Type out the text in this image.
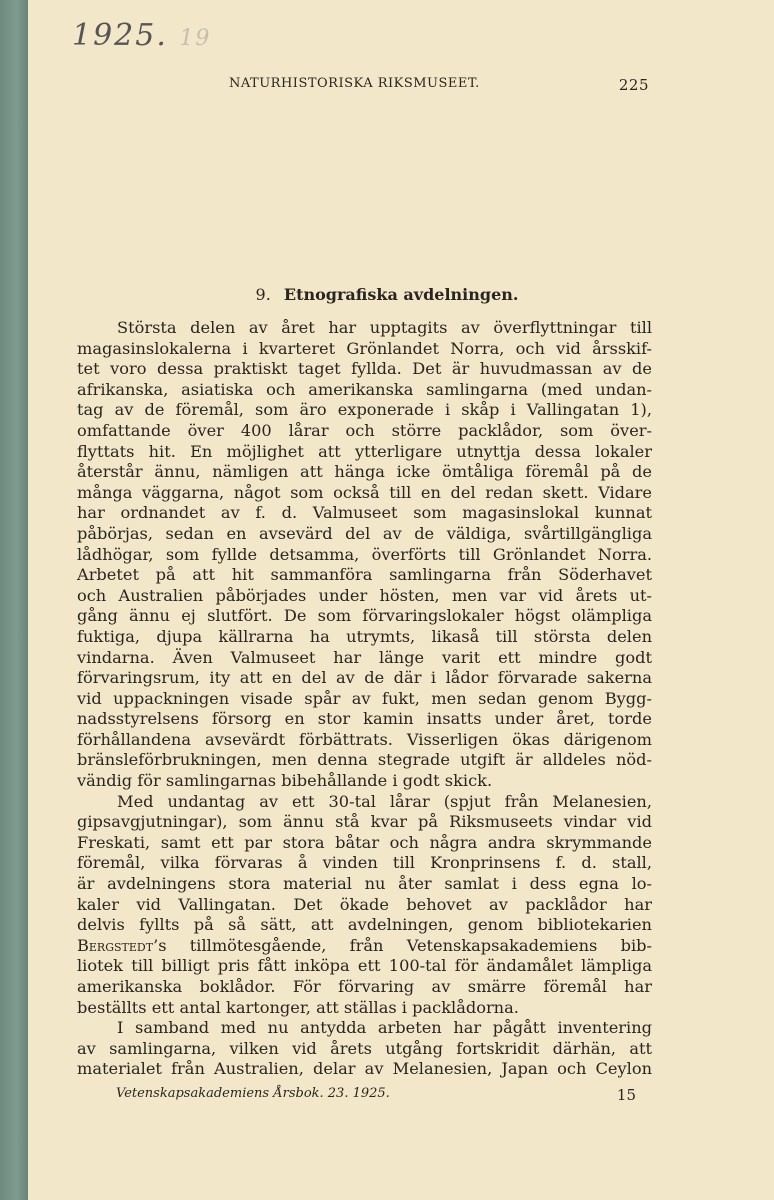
1925. 19
NATURHISTORISKA RIKSMUSEET.	225
9. Etnografiska avdelningen.
Största delen av året har upptagits av överflyttningar till
magasinslokalerna i kvarteret Grönlandet Norra, och vid årsskif-
tet voro dessa praktiskt taget fyllda. Det är huvudmassan av de
afrikanska, asiatiska och amerikanska samlingarna (med undan-
tag av de föremål, som äro exponerade i skåp i Vallingatan 1),
omfattande över 400 lårar och större packlådor, som över-
flyttats hit. En möjlighet att ytterligare utnyttja dessa lokaler
återstår ännu, nämligen att hänga icke ömtåliga föremål på de
många väggarna, något som också till en del redan skett. Vidare
har ordnandet av f. d. Valmuseet som magasinslokal kunnat
påbörjas, sedan en avsevärd del av de väldiga, svårtillgängliga
lådhögar, som fyllde detsamma, överförts till Grönlandet Norra.
Arbetet på att hit sammanföra samlingarna från Söderhavet
och Australien påbörjades under hösten, men var vid årets ut-
gång ännu ej slutfört. De som förvaringslokaler högst olämpliga
fuktiga, djupa källrarna ha utrymts, likaså till största delen
vindarna. Även Valmuseet har länge varit ett mindre godt
förvaringsrum, ity att en del av de där i lådor förvarade sakerna
vid uppackningen visade spår av fukt, men sedan genom Bygg-
nadsstyrelsens försorg en stor kamin insatts under året, torde
förhållandena avsevärdt förbättrats. Visserligen ökas därigenom
bränsleförbrukningen, men denna stegrade utgift är alldeles nöd-
vändig för samlingarnas bibehållande i godt skick.
Med undantag av ett 30-tal lårar (spjut från Melanesien,
gipsavgjutningar), som ännu stå kvar på Riksmuseets vindar vid
Freskati, samt ett par stora båtar och några andra skrymmande
föremål, vilka förvaras å vinden till Kronprinsens f. d. stall,
är avdelningens stora material nu åter samlat i dess egna lo-
kaler vid Vallingatan. Det ökade behovet av packlådor har
delvis fyllts på så sätt, att avdelningen, genom bibliotekarien
Bergstedt’s tillmötesgående, från Vetenskapsakademiens bib-
liotek till billigt pris fått inköpa ett 100-tal för ändamålet lämpliga
amerikanska boklådor. För förvaring av smärre föremål har
beställts ett antal kartonger, att ställas i packlådorna.
I samband med nu antydda arbeten har pågått inventering
av samlingarna, vilken vid årets utgång fortskridit därhän, att
materialet från Australien, delar av Melanesien, Japan och Ceylon
Vetenskapsakademiens Årsbok. 23. 1925.	15
